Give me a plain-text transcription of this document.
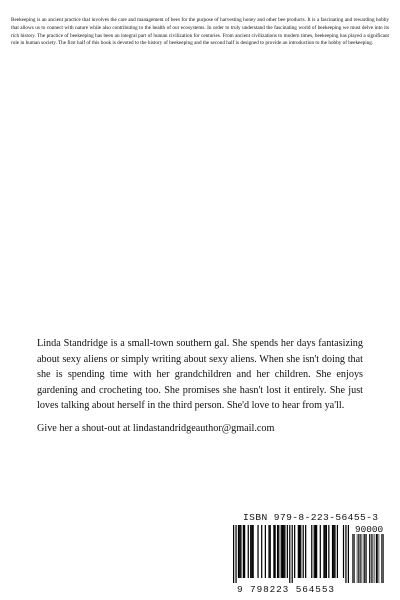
Beekeeping is an ancient practice that involves the care and management of bees for the purpose of harvesting honey and other bee products. It is a fascinating and rewarding hobby that allows us to connect with nature while also contributing to the health of our ecosystems. In order to truly understand the fascinating world of beekeeping we must delve into its rich history. The practice of beekeeping has been an integral part of human civilization for centuries. From ancient civilizations to modern times, beekeeping has played a significant role in human society. The first half of this book is devoted to the history of beekeeping and the second half is designed to provide an introduction to the hobby of beekeeping.

Linda Standridge is a small-town southern gal. She spends her days fantasizing about sexy aliens or simply writing about sexy aliens. When she isn't doing that she is spending time with her grandchildren and her children. She enjoys gardening and crocheting too. She promises she hasn't lost it entirely. She just loves talking about herself in the third person. She'd love to hear from ya'll.

Give her a shout-out at lindastandridgeauthor@gmail.com

ISBN 979-8-223-56455-3
90000
9 798223 564553
